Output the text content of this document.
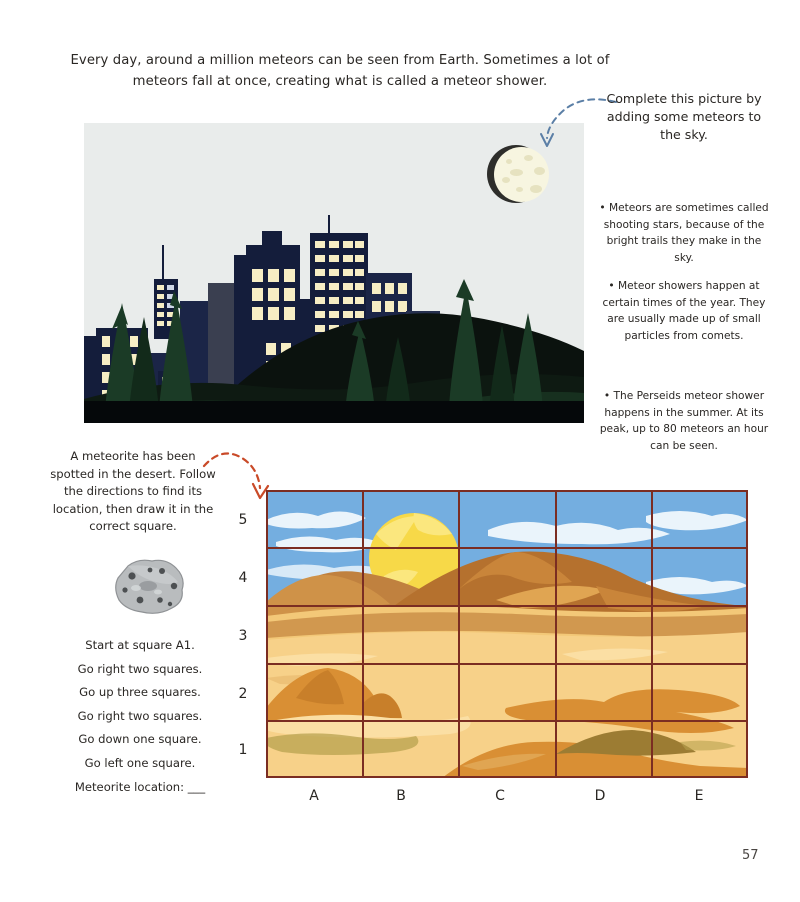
Every day, around a million meteors can be seen from Earth. Sometimes a lot of meteors fall at once, creating what is called a meteor shower.
Complete this picture by adding some meteors to the sky.
• Meteors are sometimes called shooting stars, because of the bright trails they make in the sky.
• Meteor showers happen at certain times of the year. They are usually made up of small particles from comets.
• The Perseids meteor shower happens in the summer. At its peak, up to 80 meteors an hour can be seen.
A meteorite has been spotted in the desert. Follow the directions to find its location, then draw it in the correct square.
Start at square A1.
Go right two squares.
Go up three squares.
Go right two squares.
Go down one square.
Go left one square.
Meteorite location: ___
5
4
3
2
1
A	B	C	D	E
57
